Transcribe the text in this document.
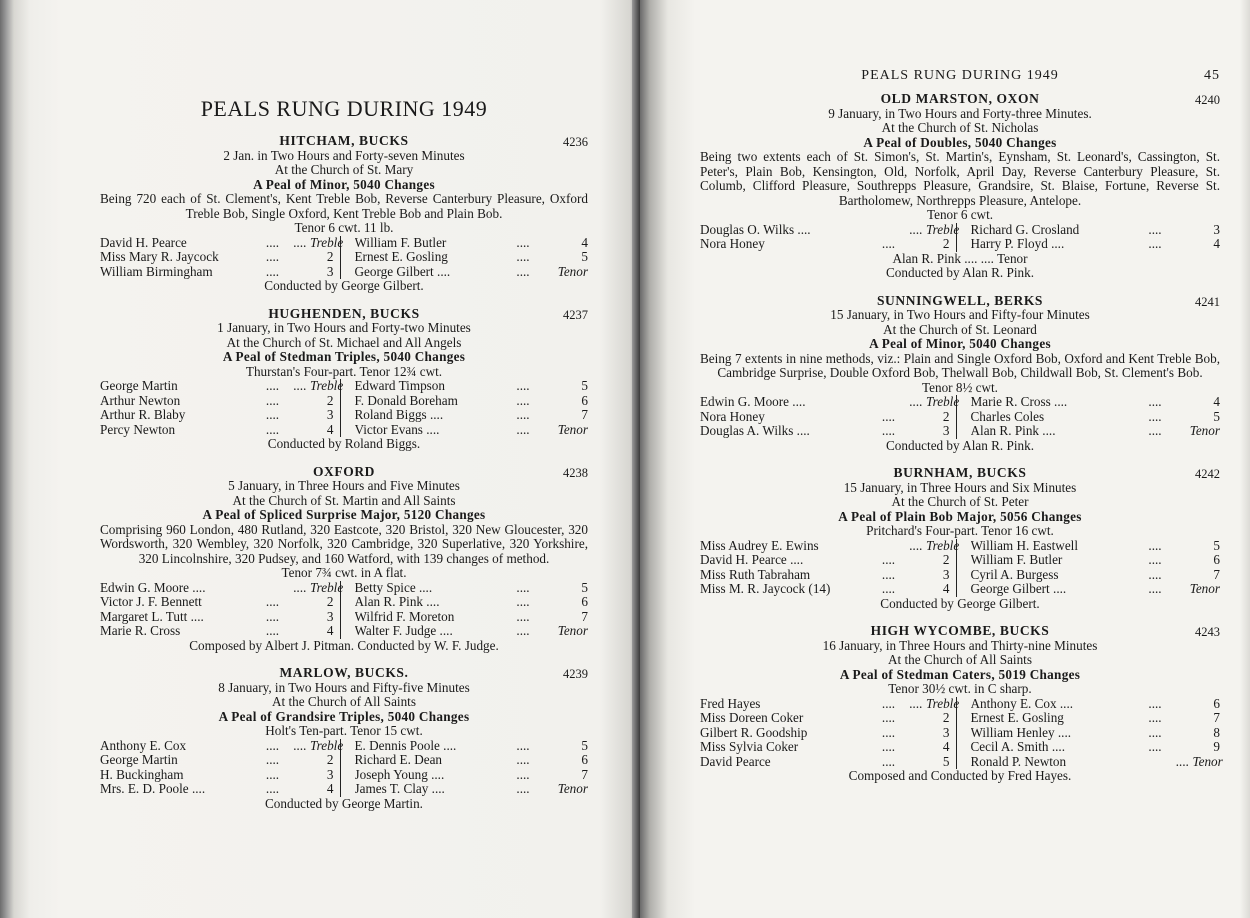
PEALS RUNG DURING 1949
HITCHAM, BUCKS	4236
2 Jan. in Two Hours and Forty-seven Minutes
At the Church of St. Mary
A Peal of Minor, 5040 Changes
Being 720 each of St. Clement's, Kent Treble Bob, Reverse Canterbury Pleasure, Oxford Treble Bob, Single Oxford, Kent Treble Bob and Plain Bob.
Tenor 6 cwt. 11 lb.
David H. Pearce	....	.... Treble
Miss Mary R. Jaycock	....	2
William Birmingham	....	3
William F. Butler	....	4
Ernest E. Gosling	....	5
George Gilbert ....	....	Tenor
Conducted by George Gilbert.
HUGHENDEN, BUCKS	4237
1 January, in Two Hours and Forty-two Minutes
At the Church of St. Michael and All Angels
A Peal of Stedman Triples, 5040 Changes
Thurstan's Four-part. Tenor 12¾ cwt.
George Martin	....	.... Treble
Arthur Newton	....	2
Arthur R. Blaby	....	3
Percy Newton	....	4
Edward Timpson	....	5
F. Donald Boreham	....	6
Roland Biggs ....	....	7
Victor Evans ....	....	Tenor
Conducted by Roland Biggs.
OXFORD	4238
5 January, in Three Hours and Five Minutes
At the Church of St. Martin and All Saints
A Peal of Spliced Surprise Major, 5120 Changes
Comprising 960 London, 480 Rutland, 320 Eastcote, 320 Bristol, 320 New Gloucester, 320 Wordsworth, 320 Wembley, 320 Norfolk, 320 Cambridge, 320 Superlative, 320 Yorkshire, 320 Lincolnshire, 320 Pudsey, and 160 Watford, with 139 changes of method.
Tenor 7¾ cwt. in A flat.
Edwin G. Moore ....	.... Treble
Victor J. F. Bennett	....	2
Margaret L. Tutt ....	....	3
Marie R. Cross	....	4
Betty Spice ....	....	5
Alan R. Pink ....	....	6
Wilfrid F. Moreton	....	7
Walter F. Judge ....	....	Tenor
Composed by Albert J. Pitman. Conducted by W. F. Judge.
MARLOW, BUCKS.	4239
8 January, in Two Hours and Fifty-five Minutes
At the Church of All Saints
A Peal of Grandsire Triples, 5040 Changes
Holt's Ten-part. Tenor 15 cwt.
Anthony E. Cox	....	.... Treble
George Martin	....	2
H. Buckingham	....	3
Mrs. E. D. Poole ....	....	4
E. Dennis Poole ....	....	5
Richard E. Dean	....	6
Joseph Young ....	....	7
James T. Clay ....	....	Tenor
Conducted by George Martin.
PEALS RUNG DURING 1949	45
OLD MARSTON, OXON	4240
9 January, in Two Hours and Forty-three Minutes.
At the Church of St. Nicholas
A Peal of Doubles, 5040 Changes
Being two extents each of St. Simon's, St. Martin's, Eynsham, St. Leonard's, Cassington, St. Peter's, Plain Bob, Kensington, Old, Norfolk, April Day, Reverse Canterbury Pleasure, St. Columb, Clifford Pleasure, Southrepps Pleasure, Grandsire, St. Blaise, Fortune, Reverse St. Bartholomew, Northrepps Pleasure, Antelope.
Tenor 6 cwt.
Douglas O. Wilks ....	.... Treble
Nora Honey	....	2
Richard G. Crosland	....	3
Harry P. Floyd ....	....	4
Alan R. Pink .... .... Tenor
Conducted by Alan R. Pink.
SUNNINGWELL, BERKS	4241
15 January, in Two Hours and Fifty-four Minutes
At the Church of St. Leonard
A Peal of Minor, 5040 Changes
Being 7 extents in nine methods, viz.: Plain and Single Oxford Bob, Oxford and Kent Treble Bob, Cambridge Surprise, Double Oxford Bob, Thelwall Bob, Childwall Bob, St. Clement's Bob.
Tenor 8½ cwt.
Edwin G. Moore ....	.... Treble
Nora Honey	....	2
Douglas A. Wilks ....	....	3
Marie R. Cross ....	....	4
Charles Coles	....	5
Alan R. Pink ....	....	Tenor
Conducted by Alan R. Pink.
BURNHAM, BUCKS	4242
15 January, in Three Hours and Six Minutes
At the Church of St. Peter
A Peal of Plain Bob Major, 5056 Changes
Pritchard's Four-part. Tenor 16 cwt.
Miss Audrey E. Ewins	.... Treble
David H. Pearce ....	....	2
Miss Ruth Tabraham	....	3
Miss M. R. Jaycock (14)	....	4
William H. Eastwell	....	5
William F. Butler	....	6
Cyril A. Burgess	....	7
George Gilbert ....	....	Tenor
Conducted by George Gilbert.
HIGH WYCOMBE, BUCKS	4243
16 January, in Three Hours and Thirty-nine Minutes
At the Church of All Saints
A Peal of Stedman Caters, 5019 Changes
Tenor 30½ cwt. in C sharp.
Fred Hayes	....	.... Treble
Miss Doreen Coker	....	2
Gilbert R. Goodship	....	3
Miss Sylvia Coker	....	4
David Pearce	....	5
Anthony E. Cox ....	....	6
Ernest E. Gosling	....	7
William Henley ....	....	8
Cecil A. Smith ....	....	9
Ronald P. Newton	.... Tenor
Composed and Conducted by Fred Hayes.
